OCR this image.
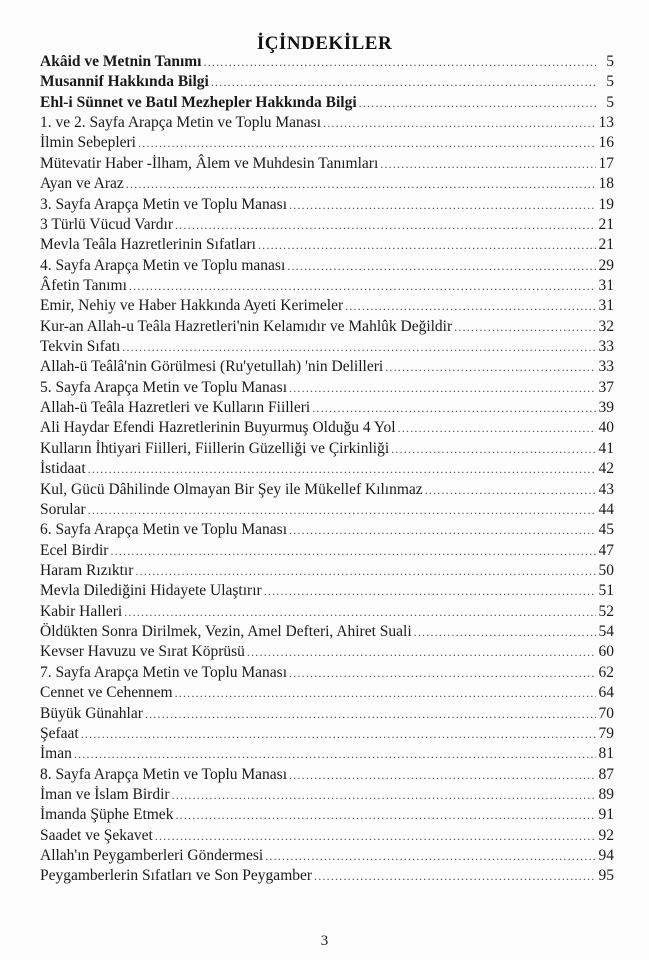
İÇİNDEKİLER
Akâid ve Metnin Tanımı .....	5
Musannif Hakkında Bilgi .....	5
Ehl-i Sünnet ve Batıl Mezhepler Hakkında Bilgi .....	5
1. ve 2. Sayfa Arapça Metin ve Toplu Manası .....	13
İlmin Sebepleri .....	16
Mütevatir Haber -İlham, Âlem ve Muhdesin Tanımları .....	17
Ayan ve Araz .....	18
3. Sayfa Arapça Metin ve Toplu Manası .....	19
3 Türlü Vücud Vardır .....	21
Mevla Teâla Hazretlerinin Sıfatları .....	21
4. Sayfa Arapça Metin ve Toplu manası .....	29
Âfetin Tanımı .....	31
Emir, Nehiy ve Haber Hakkında Ayeti Kerimeler .....	31
Kur-an Allah-u Teâla Hazretleri'nin Kelamıdır ve Mahlûk Değildir .....	32
Tekvin Sıfatı .....	33
Allah-ü Teâlâ'nin Görülmesi (Ru'yetullah) 'nin Delilleri .....	33
5. Sayfa Arapça Metin ve Toplu Manası .....	37
Allah-ü Teâla Hazretleri ve Kulların Fiilleri .....	39
Ali Haydar Efendi Hazretlerinin Buyurmuş Olduğu 4 Yol .....	40
Kulların İhtiyari Fiilleri, Fiillerin Güzelliği ve Çirkinliği .....	41
İstidaat .....	42
Kul, Gücü Dâhilinde Olmayan Bir Şey ile Mükellef Kılınmaz .....	43
Sorular .....	44
6. Sayfa Arapça Metin ve Toplu Manası .....	45
Ecel Birdir .....	47
Haram Rızıktır .....	50
Mevla Dilediğini Hidayete Ulaştırır .....	51
Kabir Halleri .....	52
Öldükten Sonra Dirilmek, Vezin, Amel Defteri, Ahiret Suali .....	54
Kevser Havuzu ve Sırat Köprüsü .....	60
7. Sayfa Arapça Metin ve Toplu Manası .....	62
Cennet ve Cehennem .....	64
Büyük Günahlar .....	70
Şefaat .....	79
İman .....	81
8. Sayfa Arapça Metin ve Toplu Manası .....	87
İman ve İslam Birdir .....	89
İmanda Şüphe Etmek .....	91
Saadet ve Şekavet .....	92
Allah'ın Peygamberleri Göndermesi .....	94
Peygamberlerin Sıfatları ve Son Peygamber .....	95
3
